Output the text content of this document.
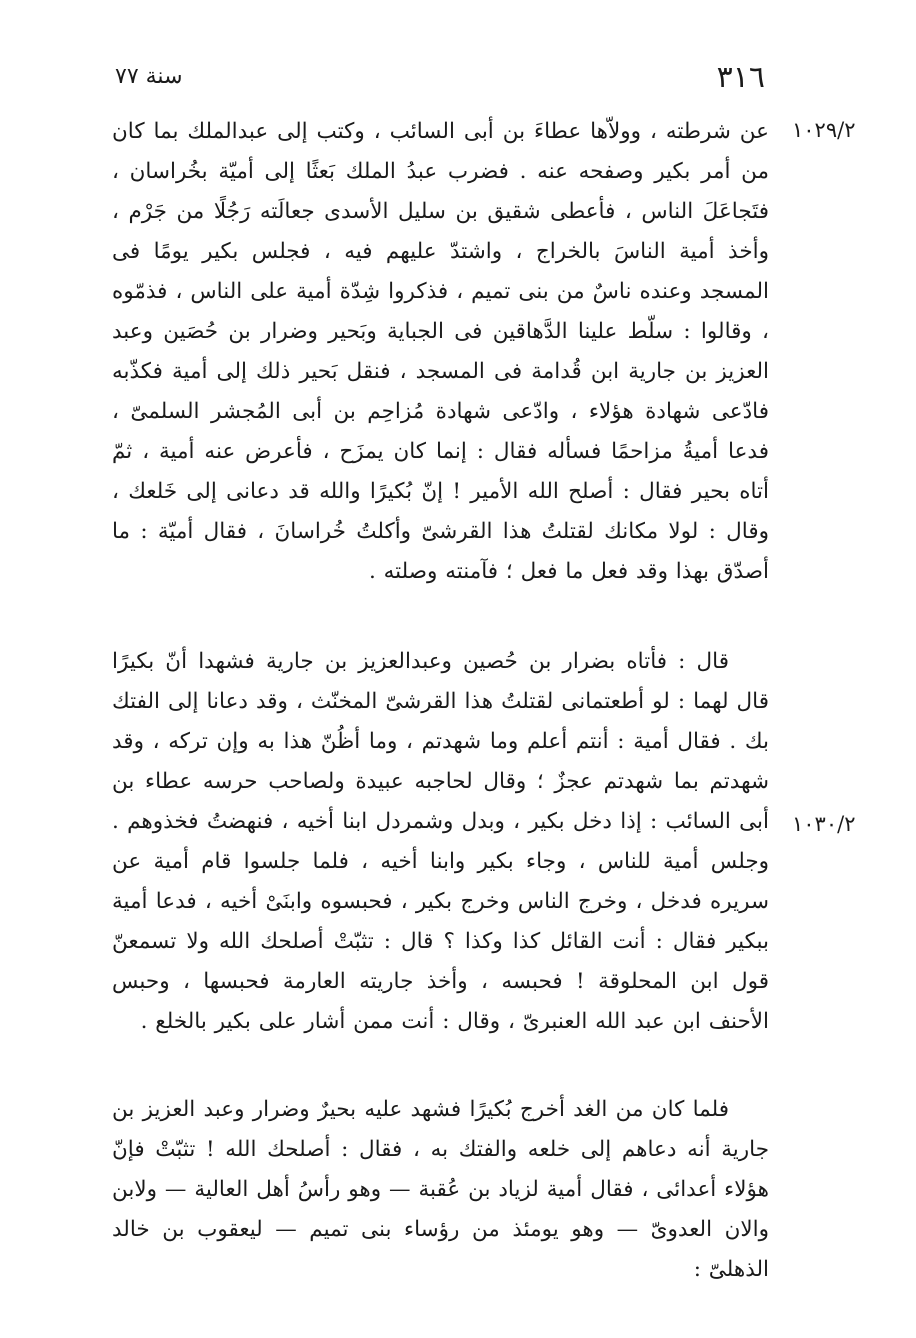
سنة ٧٧	٣١٦
١٠٢٩/٢
١٠٣٠/٢

عن شرطته ، وولاّها عطاءَ بن أبى السائب ، وكتب إلى عبدالملك بما كان من أمر بكير وصفحه عنه . فضرب عبدُ الملك بَعثًا إلى أميّة بخُراسان ، فتَجاعَلَ الناس ، فأعطى شقيق بن سليل الأسدى جعالَته رَجُلًا من جَرْم ، وأخذ أمية الناسَ بالخراج ، واشتدّ عليهم فيه ، فجلس بكير يومًا فى المسجد وعنده ناسٌ من بنى تميم ، فذكروا شِدّة أمية على الناس ، فذمّوه ، وقالوا : سلّط علينا الدَّهاقين فى الجباية وبَحير وضرار بن حُصَين وعبد العزيز بن جارية ابن قُدامة فى المسجد ، فنقل بَحير ذلك إلى أمية فكذّبه فادّعى شهادة هؤلاء ، وادّعى شهادة مُزاحِم بن أبى المُجشر السلمىّ ، فدعا أميةُ مزاحمًا فسأله فقال : إنما كان يمزَح ، فأعرض عنه أمية ، ثمّ أتاه بحير فقال : أصلح الله الأمير ! إنّ بُكيرًا والله قد دعانى إلى خَلعك ، وقال : لولا مكانك لقتلتُ هذا القرشىّ وأكلتُ خُراسانَ ، فقال أميّة : ما أصدّق بهذا وقد فعل ما فعل ؛ فآمنته وصلته .

قال : فأتاه بضرار بن حُصين وعبدالعزيز بن جارية فشهدا أنّ بكيرًا قال لهما : لو أطعتمانى لقتلتُ هذا القرشىّ المخنّث ، وقد دعانا إلى الفتك بك . فقال أمية : أنتم أعلم وما شهدتم ، وما أظُنّ هذا به وإن تركه ، وقد شهدتم بما شهدتم عجزٌ ؛ وقال لحاجبه عبيدة ولصاحب حرسه عطاء بن أبى السائب : إذا دخل بكير ، وبدل وشمردل ابنا أخيه ، فنهضتُ فخذوهم . وجلس أمية للناس ، وجاء بكير وابنا أخيه ، فلما جلسوا قام أمية عن سريره فدخل ، وخرج الناس وخرج بكير ، فحبسوه وابنَىْ أخيه ، فدعا أمية ببكير فقال : أنت القائل كذا وكذا ؟ قال : تثبّتْ أصلحك الله ولا تسمعنّ قول ابن المحلوقة ! فحبسه ، وأخذ جاريته العارمة فحبسها ، وحبس الأحنف ابن عبد الله العنبرىّ ، وقال : أنت ممن أشار على بكير بالخلع .

فلما كان من الغد أخرج بُكيرًا فشهد عليه بحيرٌ وضرار وعبد العزيز بن جارية أنه دعاهم إلى خلعه والفتك به ، فقال : أصلحك الله ! تثبّتْ فإنّ هؤلاء أعدائى ، فقال أمية لزياد بن عُقبة — وهو رأسُ أهل العالية — ولابن والان العدوىّ — وهو يومئذ من رؤساء بنى تميم — ليعقوب بن خالد الذهلىّ :
